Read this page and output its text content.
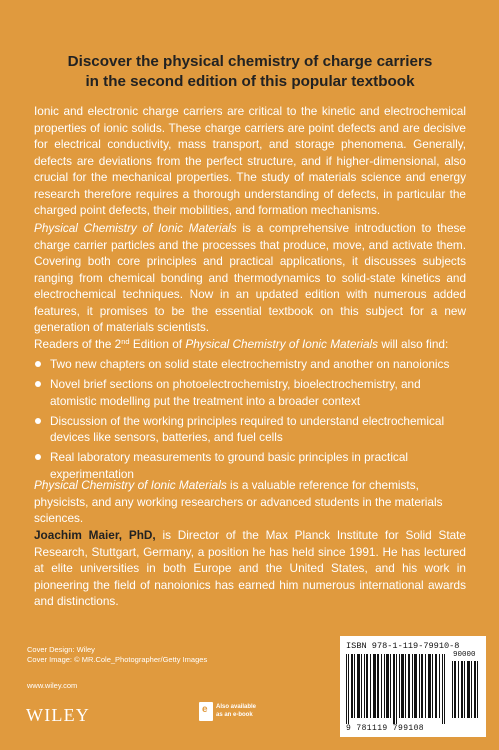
Discover the physical chemistry of charge carriers
in the second edition of this popular textbook

Ionic and electronic charge carriers are critical to the kinetic and electrochemical properties of ionic solids. These charge carriers are point defects and are decisive for electrical conductivity, mass transport, and storage phenomena. Generally, defects are deviations from the perfect structure, and if higher-dimensional, also crucial for the mechanical properties. The study of materials science and energy research therefore requires a thorough understanding of defects, in particular the charged point defects, their mobilities, and formation mechanisms.

Physical Chemistry of Ionic Materials is a comprehensive introduction to these charge carrier particles and the processes that produce, move, and activate them. Covering both core principles and practical applications, it discusses subjects ranging from chemical bonding and thermodynamics to solid-state kinetics and electrochemical techniques. Now in an updated edition with numerous added features, it promises to be the essential textbook on this subject for a new generation of materials scientists.

Readers of the 2nd Edition of Physical Chemistry of Ionic Materials will also find:

Two new chapters on solid state electrochemistry and another on nanoionics
Novel brief sections on photoelectrochemistry, bioelectrochemistry, and atomistic modelling put the treatment into a broader context
Discussion of the working principles required to understand electrochemical devices like sensors, batteries, and fuel cells
Real laboratory measurements to ground basic principles in practical experimentation

Physical Chemistry of Ionic Materials is a valuable reference for chemists, physicists, and any working researchers or advanced students in the materials sciences.

Joachim Maier, PhD, is Director of the Max Planck Institute for Solid State Research, Stuttgart, Germany, a position he has held since 1991. He has lectured at elite universities in both Europe and the United States, and his work in pioneering the field of nanoionics has earned him numerous international awards and distinctions.

Cover Design: Wiley
Cover Image: © MR.Cole_Photographer/Getty Images
www.wiley.com
WILEY
e	Also available
as an e-book
ISBN 978-1-119-79910-8
90000
9 781119 799108
